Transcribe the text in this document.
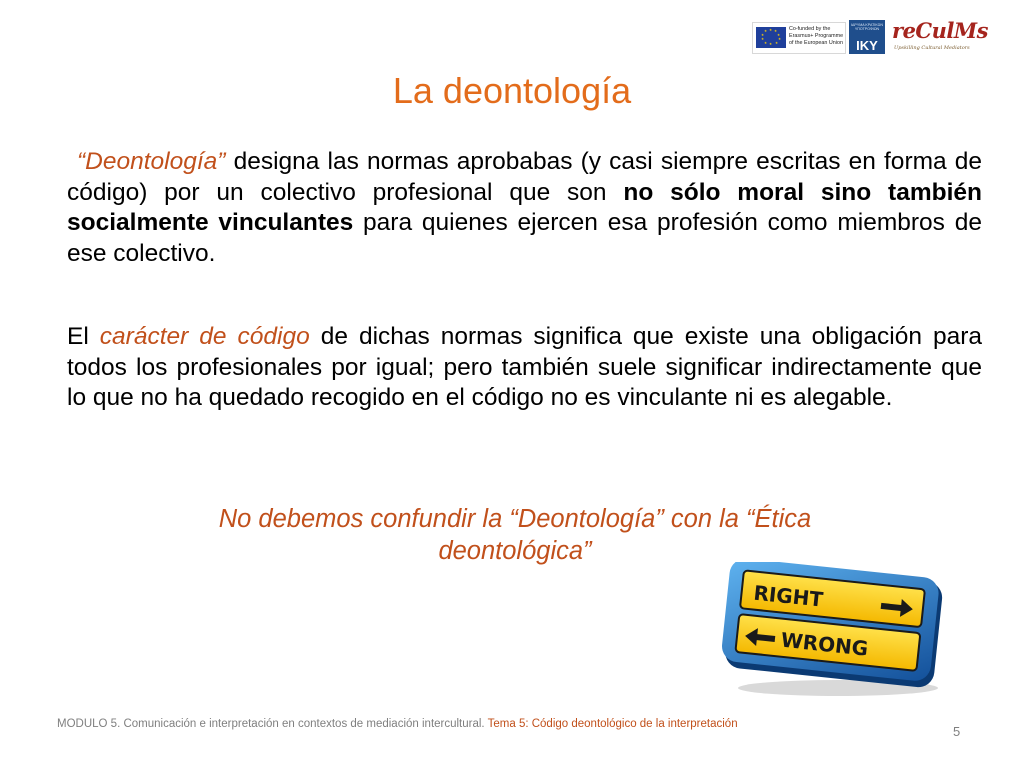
★ ★
★
★
★
★
★
★
★
★	Co-funded by the
Erasmus+ Programme
of the European Union
ΙΔΡΥΜΑ ΚΡΑΤΙΚΩΝ ΥΠΟΤΡΟΦΙΩΝ
IKY
reCulMs
Upskilling Cultural Mediators
La deontología
“Deontología” designa las normas aprobabas (y casi siempre escritas en forma de código) por un colectivo profesional que son no sólo moral sino también socialmente vinculantes para quienes ejercen esa profesión como miembros de ese colectivo.
El carácter de código de dichas normas significa que existe una obligación para todos los profesionales por igual; pero también suele significar indirectamente que lo que no ha quedado recogido en el código no es vinculante ni es alegable.
No debemos confundir la “Deontología” con la “Ética
deontológica”
RIGHT
WRONG
MODULO 5. Comunicación e interpretación en contextos de mediación intercultural. Tema 5: Código deontológico de la interpretación	5
